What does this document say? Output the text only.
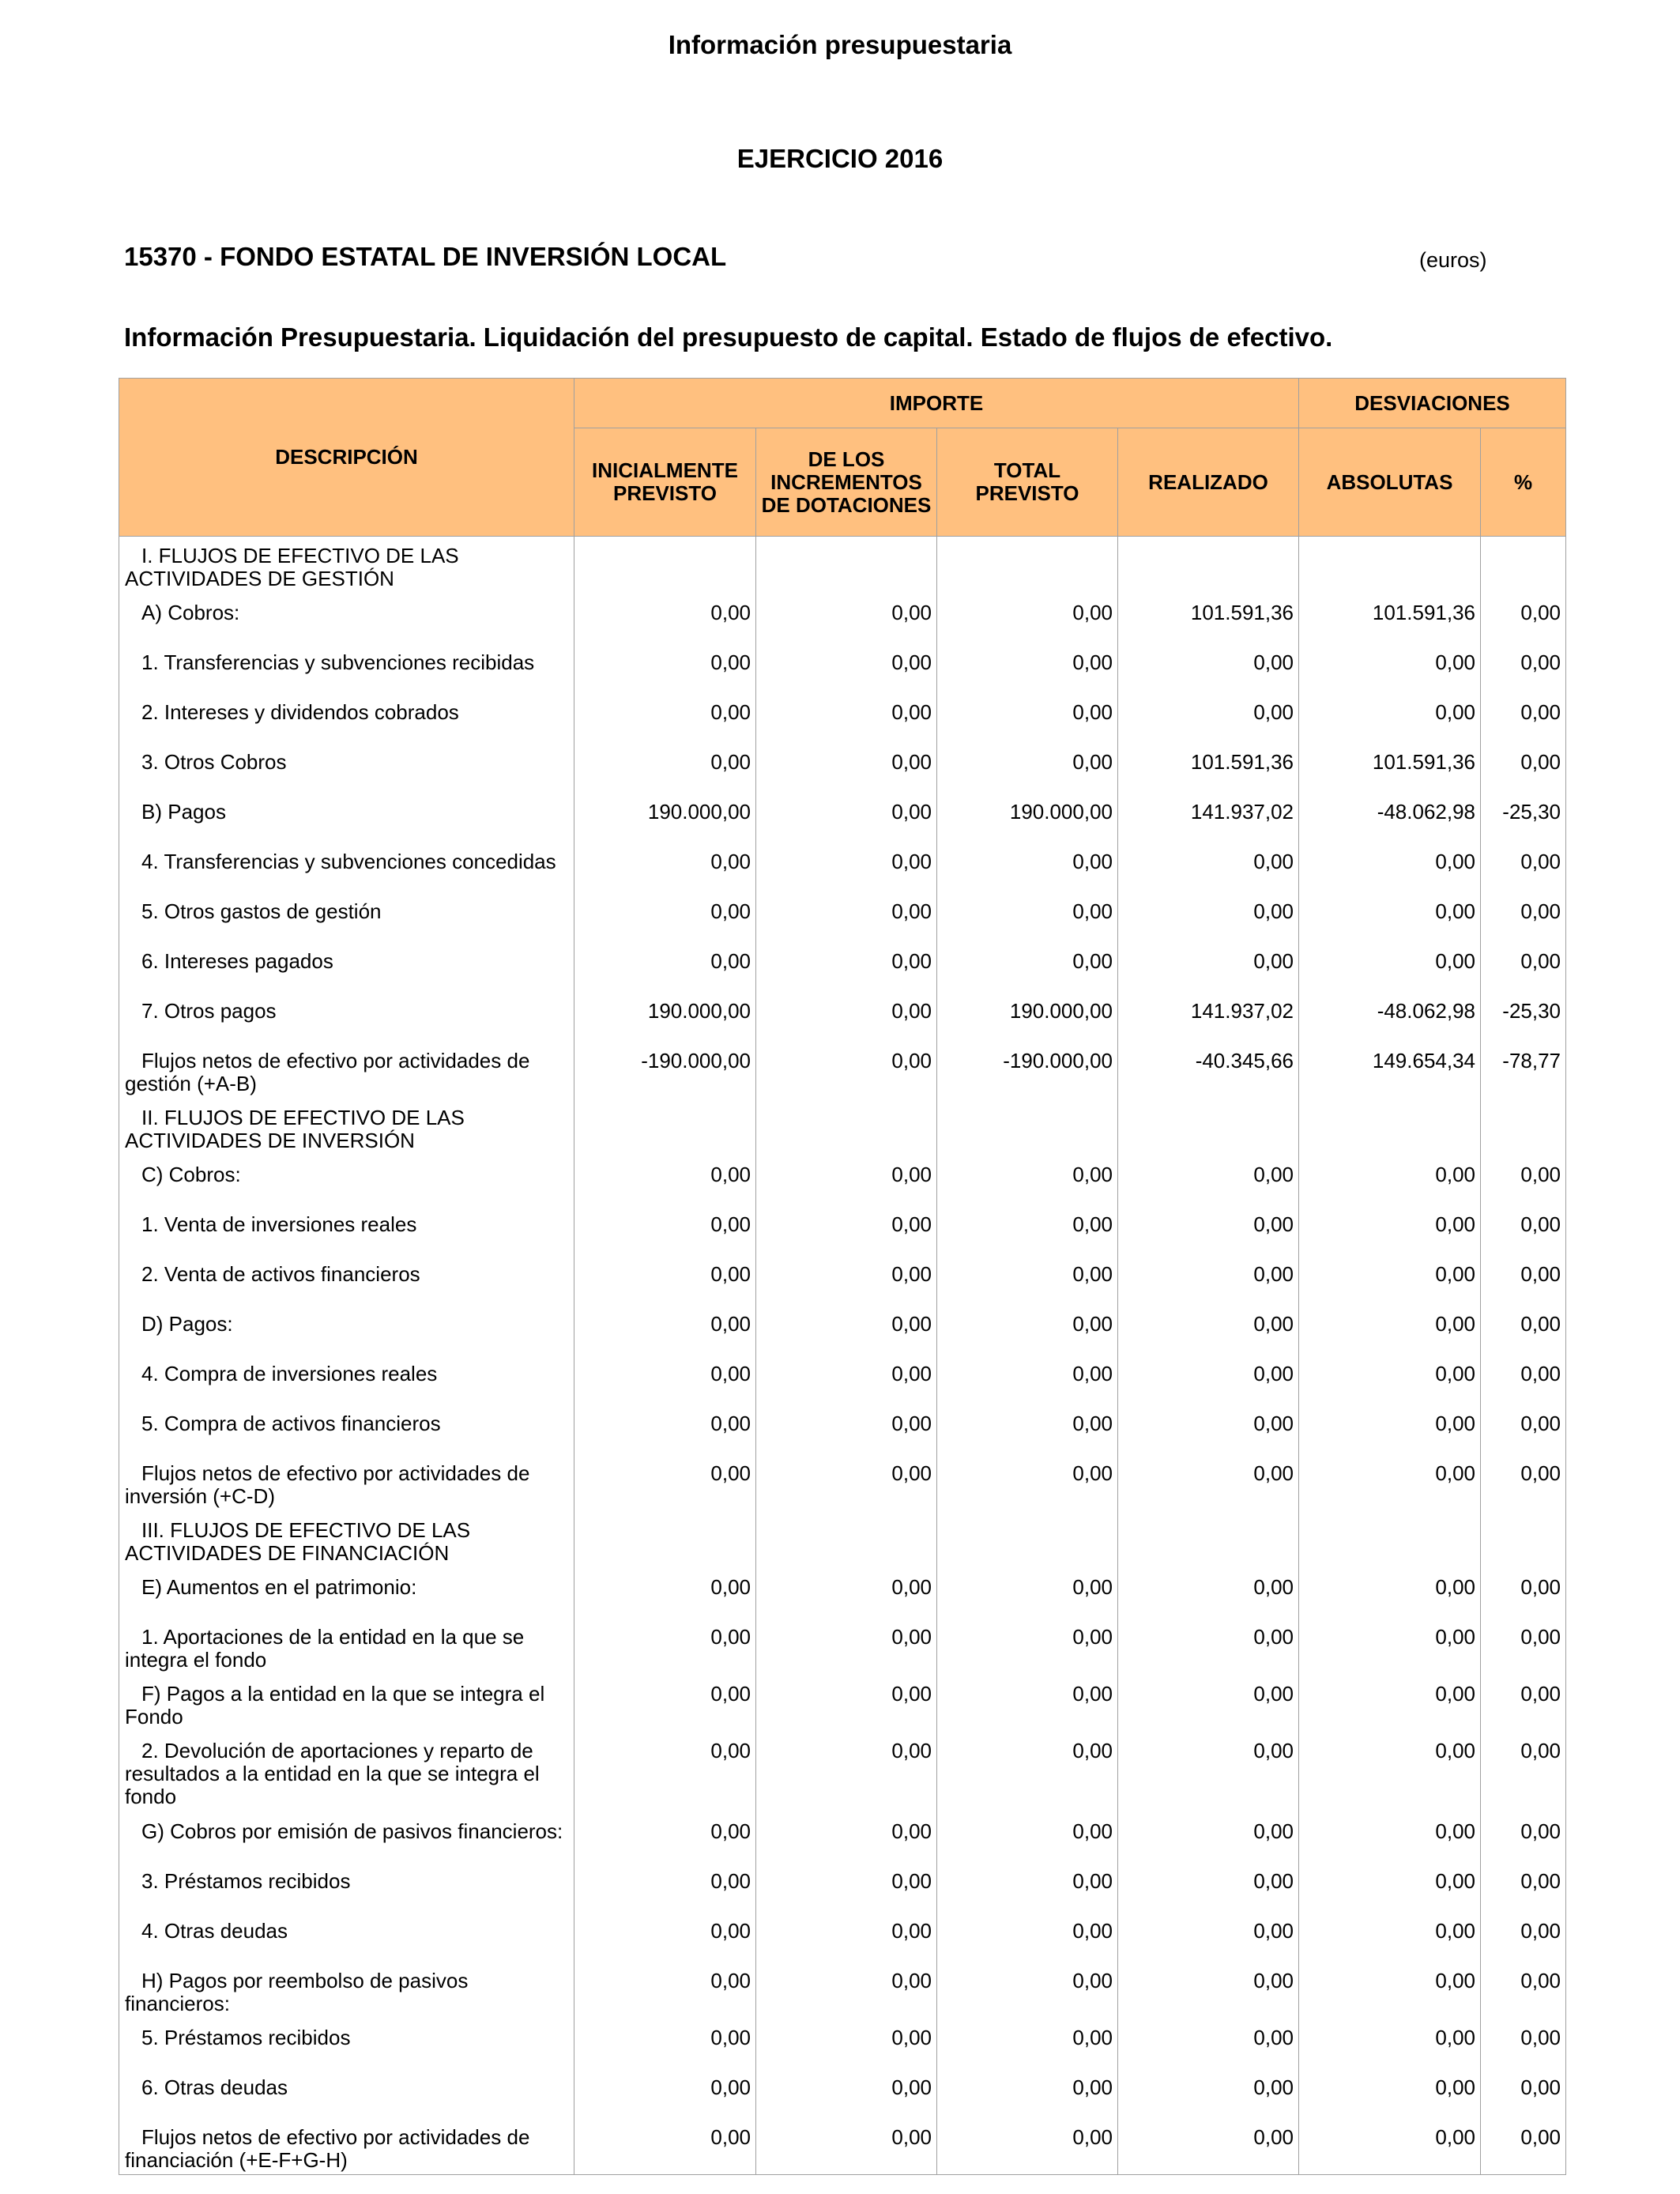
Información presupuestaria
EJERCICIO 2016
15370 - FONDO ESTATAL DE INVERSIÓN LOCAL	(euros)
Información Presupuestaria. Liquidación del presupuesto de capital. Estado de flujos de efectivo.
DESCRIPCIÓN	IMPORTE				DESVIACIONES	
	INICIALMENTE PREVISTO	DE LOS INCREMENTOS DE DOTACIONES	TOTAL PREVISTO	REALIZADO	ABSOLUTAS	%
I. FLUJOS DE EFECTIVO DE LAS ACTIVIDADES DE GESTIÓN						
A) Cobros:	0,00	0,00	0,00	101.591,36	101.591,36	0,00
1. Transferencias y subvenciones recibidas	0,00	0,00	0,00	0,00	0,00	0,00
2. Intereses y dividendos cobrados	0,00	0,00	0,00	0,00	0,00	0,00
3. Otros Cobros	0,00	0,00	0,00	101.591,36	101.591,36	0,00
B) Pagos	190.000,00	0,00	190.000,00	141.937,02	-48.062,98	-25,30
4. Transferencias y subvenciones concedidas	0,00	0,00	0,00	0,00	0,00	0,00
5. Otros gastos de gestión	0,00	0,00	0,00	0,00	0,00	0,00
6. Intereses pagados	0,00	0,00	0,00	0,00	0,00	0,00
7. Otros pagos	190.000,00	0,00	190.000,00	141.937,02	-48.062,98	-25,30
Flujos netos de efectivo por actividades de gestión (+A-B)	-190.000,00	0,00	-190.000,00	-40.345,66	149.654,34	-78,77
II. FLUJOS DE EFECTIVO DE LAS ACTIVIDADES DE INVERSIÓN						
C) Cobros:	0,00	0,00	0,00	0,00	0,00	0,00
1. Venta de inversiones reales	0,00	0,00	0,00	0,00	0,00	0,00
2. Venta de activos financieros	0,00	0,00	0,00	0,00	0,00	0,00
D) Pagos:	0,00	0,00	0,00	0,00	0,00	0,00
4. Compra de inversiones reales	0,00	0,00	0,00	0,00	0,00	0,00
5. Compra de activos financieros	0,00	0,00	0,00	0,00	0,00	0,00
Flujos netos de efectivo por actividades de inversión (+C-D)	0,00	0,00	0,00	0,00	0,00	0,00
III. FLUJOS DE EFECTIVO DE LAS ACTIVIDADES DE FINANCIACIÓN						
E) Aumentos en el patrimonio:	0,00	0,00	0,00	0,00	0,00	0,00
1. Aportaciones de la entidad en la que se integra el fondo	0,00	0,00	0,00	0,00	0,00	0,00
F) Pagos a la entidad en la que se integra el Fondo	0,00	0,00	0,00	0,00	0,00	0,00
2. Devolución de aportaciones y reparto de resultados a la entidad en la que se integra el fondo	0,00	0,00	0,00	0,00	0,00	0,00
G) Cobros por emisión de pasivos financieros:	0,00	0,00	0,00	0,00	0,00	0,00
3. Préstamos recibidos	0,00	0,00	0,00	0,00	0,00	0,00
4. Otras deudas	0,00	0,00	0,00	0,00	0,00	0,00
H) Pagos por reembolso de pasivos financieros:	0,00	0,00	0,00	0,00	0,00	0,00
5. Préstamos recibidos	0,00	0,00	0,00	0,00	0,00	0,00
6. Otras deudas	0,00	0,00	0,00	0,00	0,00	0,00
Flujos netos de efectivo por actividades de financiación (+E-F+G-H)	0,00	0,00	0,00	0,00	0,00	0,00
